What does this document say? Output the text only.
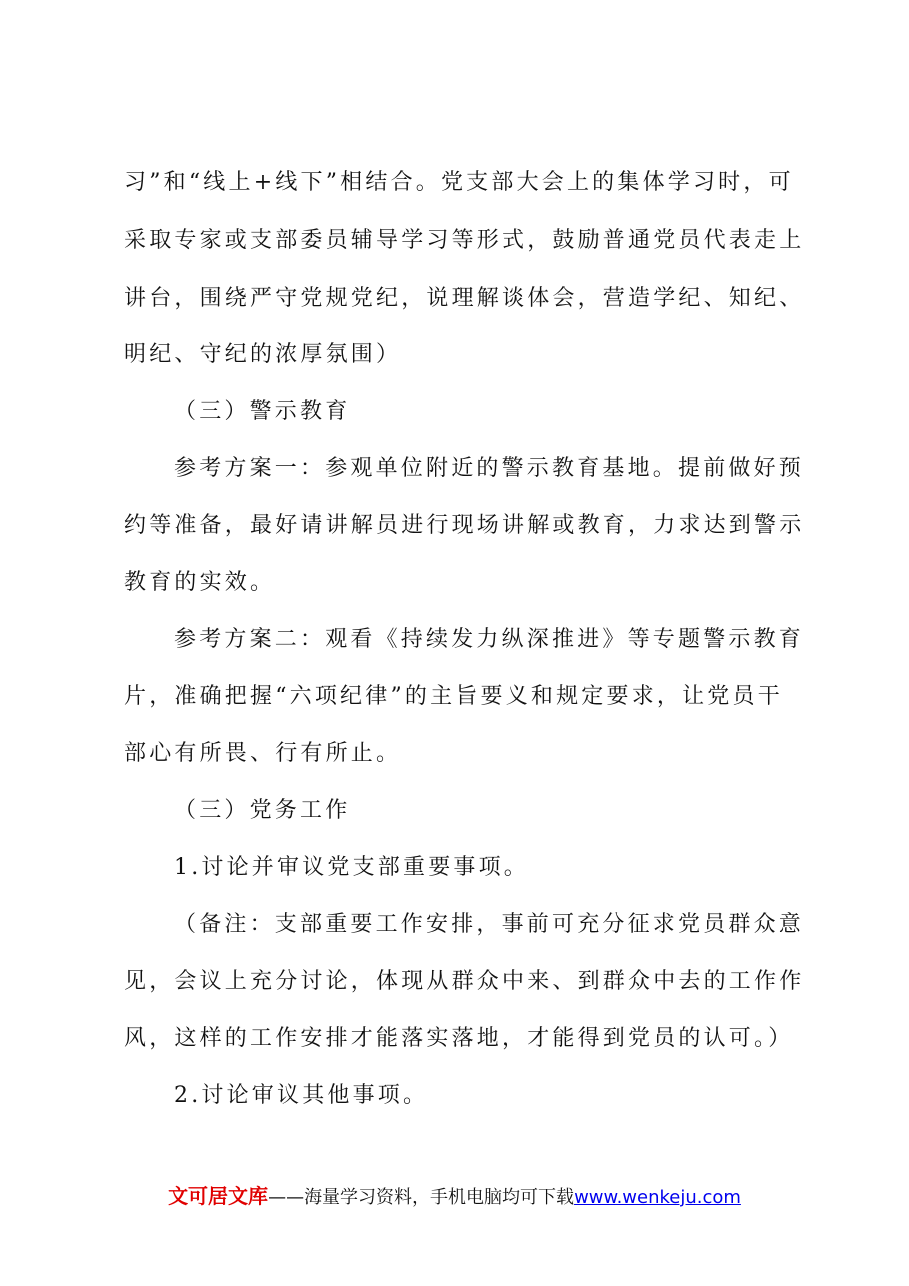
习”和“线上+线下”相结合。党支部大会上的集体学习时，可
采取专家或支部委员辅导学习等形式，鼓励普通党员代表走上
讲台，围绕严守党规党纪，说理解谈体会，营造学纪、知纪、
明纪、守纪的浓厚氛围）
（三）警示教育
参考方案一：参观单位附近的警示教育基地。提前做好预
约等准备，最好请讲解员进行现场讲解或教育，力求达到警示
教育的实效。
参考方案二：观看《持续发力纵深推进》等专题警示教育
片，准确把握“六项纪律”的主旨要义和规定要求，让党员干
部心有所畏、行有所止。
（三）党务工作
1.讨论并审议党支部重要事项。
（备注：支部重要工作安排，事前可充分征求党员群众意
见，会议上充分讨论，体现从群众中来、到群众中去的工作作
风，这样的工作安排才能落实落地，才能得到党员的认可。）
2.讨论审议其他事项。
文可居文库——海量学习资料，手机电脑均可下载www.wenkeju.com
